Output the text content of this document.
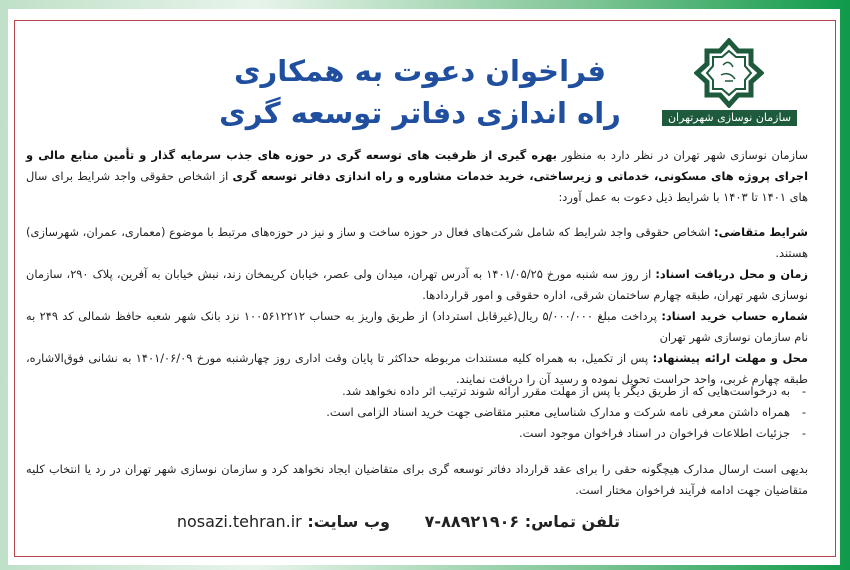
فراخوان دعوت به همکاری
راه اندازی دفاتر توسعه گری	سازمان نوسازی شهرتهران
سازمان نوسازی شهر تهران در نظر دارد به منظور بهره گیری از ظرفیت های توسعه گری در حوزه های جذب سرمایه گذار و تأمین منابع مالی و اجرای پروژه های مسکونی، خدماتی و زیرساختی، خرید خدمات مشاوره و راه اندازی دفاتر توسعه گری از اشخاص حقوقی واجد شرایط برای سال های ۱۴۰۱ تا ۱۴۰۳ با شرایط ذیل دعوت به عمل آورد:
شرایط متقاضی: اشخاص حقوقی واجد شرایط که شامل شرکت‌های فعال در حوزه ساخت و ساز و نیز در حوزه‌های مرتبط با موضوع (معماری، عمران، شهرسازی) هستند.
زمان و محل دریافت اسناد: از روز سه شنبه مورخ ۱۴۰۱/۰۵/۲۵ به آدرس تهران، میدان ولی عصر، خیابان کریمخان زند، نبش خیابان به آفرین، پلاک ۲۹۰، سازمان نوسازی شهر تهران، طبقه چهارم ساختمان شرقی، اداره حقوقی و امور قراردادها.
شماره حساب خرید اسناد: پرداخت مبلغ ۵/۰۰۰/۰۰۰ ریال(غیرقابل استرداد) از طریق واریز به حساب ۱۰۰۵۶۱۲۲۱۲ نزد بانک شهر شعبه حافظ شمالی کد ۲۴۹ به نام سازمان نوسازی شهر تهران
محل و مهلت ارائه پیشنهاد: پس از تکمیل، به همراه کلیه مستندات مربوطه حداکثر تا پایان وقت اداری روز چهارشنبه مورخ ۱۴۰۱/۰۶/۰۹ به نشانی فوق‌الاشاره، طبقه چهارم غربی، واحد حراست تحویل نموده و رسید آن را دریافت نمایند.
- به درخواست‌هایی که از طریق دیگر یا پس از مهلت مقرر ارائه شوند ترتیب اثر داده نخواهد شد.
- همراه داشتن معرفی نامه شرکت و مدارک شناسایی معتبر متقاضی جهت خرید اسناد الزامی است.
- جزئیات اطلاعات فراخوان در اسناد فراخوان موجود است.
بدیهی است ارسال مدارک هیچگونه حقی را برای عقد قرارداد دفاتر توسعه گری برای متقاضیان ایجاد نخواهد کرد و سازمان نوسازی شهر تهران در رد یا انتخاب کلیه متقاضیان جهت ادامه فرآیند فراخوان مختار است.
تلفن تماس: ۸۸۹۲۱۹۰۶-۷
وب سایت: nosazi.tehran.ir
